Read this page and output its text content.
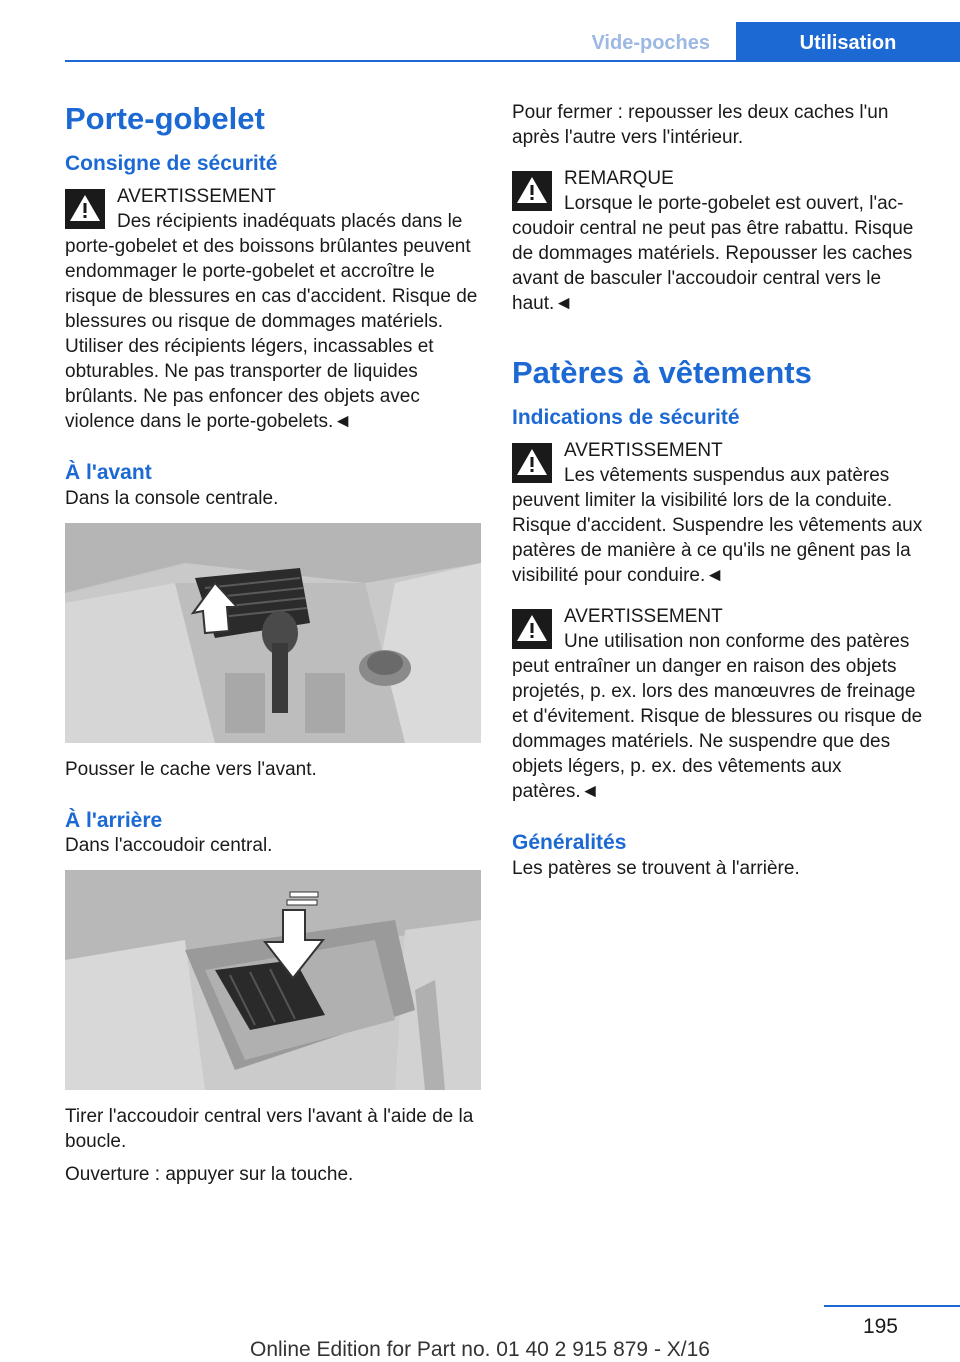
Vide-poches	Utilisation
Porte-gobelet
Consigne de sécurité
AVERTISSEMENT
Des récipients inadéquats placés dans le porte-gobelet et des boissons brûlantes peuvent endommager le porte-gobelet et accroître le risque de blessures en cas d'accident. Risque de blessures ou risque de dommages matériels. Utiliser des récipients légers, incassables et obturables. Ne pas transporter de liquides brûlants. Ne pas enfoncer des objets avec violence dans le porte-gobelets.◄
À l'avant

Dans la console centrale.

Pousser le cache vers l'avant.

À l'arrière

Dans l'accoudoir central.

Tirer l'accoudoir central vers l'avant à l'aide de la boucle.

Ouverture : appuyer sur la touche.

Pour fermer : repousser les deux caches l'un après l'autre vers l'intérieur.

REMARQUE
Lorsque le porte-gobelet est ouvert, l'accoudoir central ne peut pas être rabattu. Risque de dommages matériels. Repousser les caches avant de basculer l'accoudoir central vers le haut.◄
Patères à vêtements
Indications de sécurité
AVERTISSEMENT
Les vêtements suspendus aux patères peuvent limiter la visibilité lors de la conduite. Risque d'accident. Suspendre les vêtements aux patères de manière à ce qu'ils ne gênent pas la visibilité pour conduire.◄
AVERTISSEMENT
Une utilisation non conforme des patères peut entraîner un danger en raison des objets projetés, p. ex. lors des manœuvres de freinage et d'évitement. Risque de blessures ou risque de dommages matériels. Ne suspendre que des objets légers, p. ex. des vêtements aux patères.◄
Généralités

Les patères se trouvent à l'arrière.

195
Online Edition for Part no. 01 40 2 915 879 - X/16
